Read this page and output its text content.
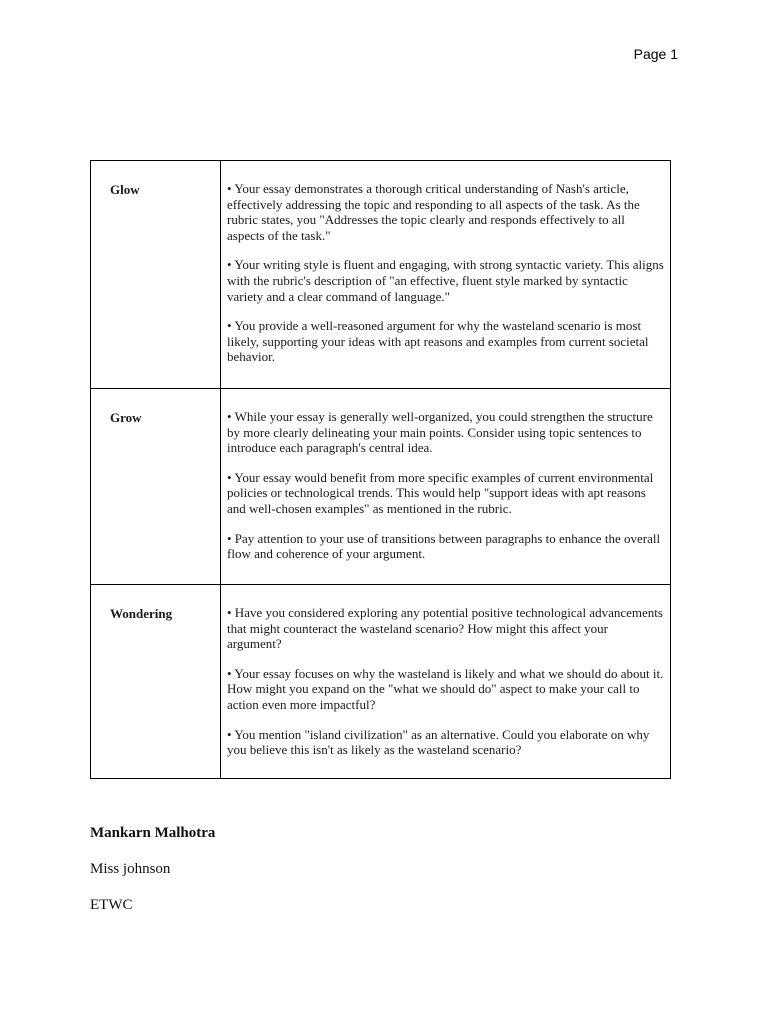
Page 1
Glow	• Your essay demonstrates a thorough critical understanding of Nash's article, effectively addressing the topic and responding to all aspects of the task. As the rubric states, you "Addresses the topic clearly and responds effectively to all aspects of the task."

• Your writing style is fluent and engaging, with strong syntactic variety. This aligns with the rubric's description of "an effective, fluent style marked by syntactic variety and a clear command of language."

• You provide a well-reasoned argument for why the wasteland scenario is most likely, supporting your ideas with apt reasons and examples from current societal behavior.

Grow	• While your essay is generally well-organized, you could strengthen the structure by more clearly delineating your main points. Consider using topic sentences to introduce each paragraph's central idea.

• Your essay would benefit from more specific examples of current environmental policies or technological trends. This would help "support ideas with apt reasons and well-chosen examples" as mentioned in the rubric.

• Pay attention to your use of transitions between paragraphs to enhance the overall flow and coherence of your argument.

Wondering	• Have you considered exploring any potential positive technological advancements that might counteract the wasteland scenario? How might this affect your argument?

• Your essay focuses on why the wasteland is likely and what we should do about it. How might you expand on the "what we should do" aspect to make your call to action even more impactful?

• You mention "island civilization" as an alternative. Could you elaborate on why you believe this isn't as likely as the wasteland scenario?

Mankarn Malhotra
Miss johnson
ETWC
